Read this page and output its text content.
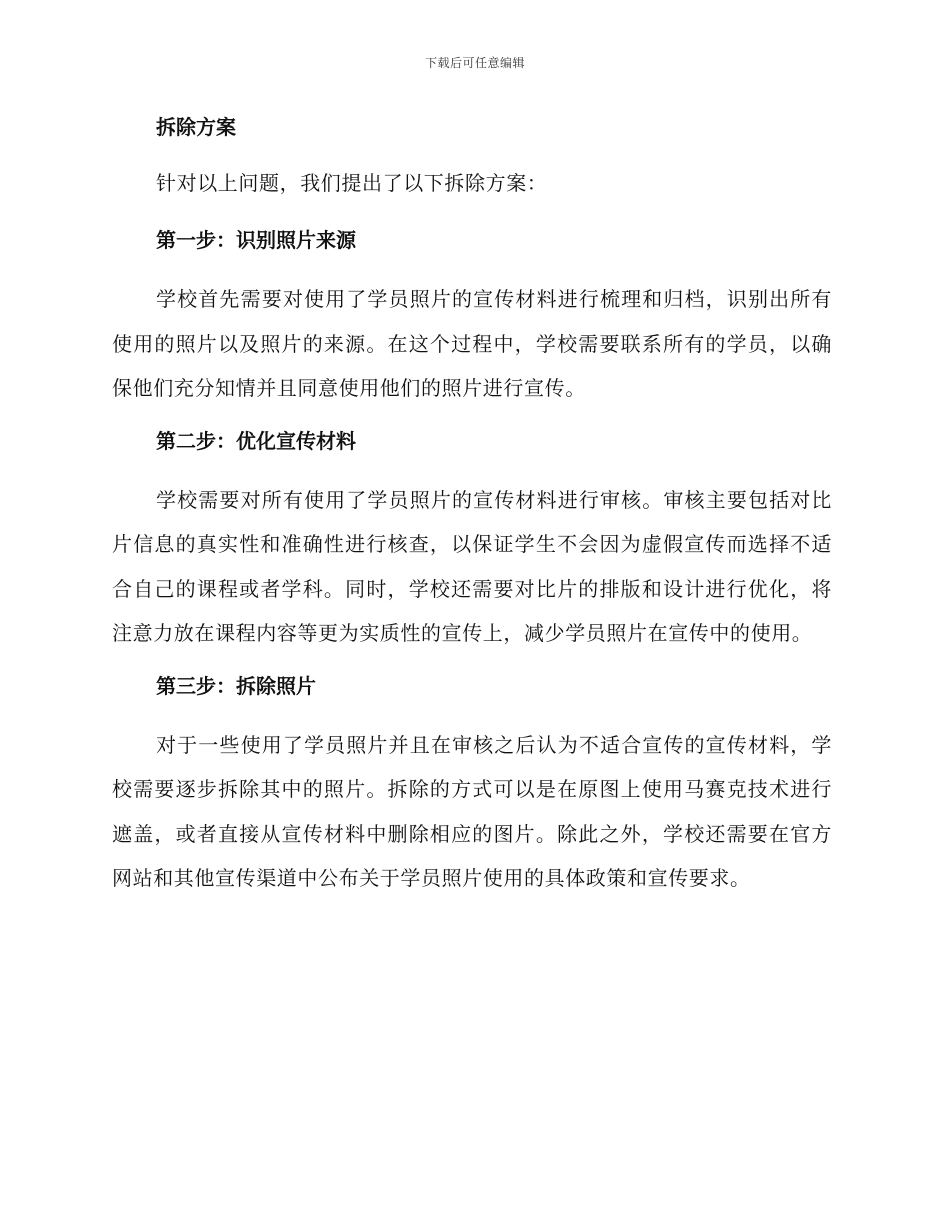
下载后可任意编辑
拆除方案
针对以上问题，我们提出了以下拆除方案：
第一步：识别照片来源
学校首先需要对使用了学员照片的宣传材料进行梳理和归档，识别出所有使用的照片以及照片的来源。在这个过程中，学校需要联系所有的学员，以确保他们充分知情并且同意使用他们的照片进行宣传。
第二步：优化宣传材料
学校需要对所有使用了学员照片的宣传材料进行审核。审核主要包括对比片信息的真实性和准确性进行核查，以保证学生不会因为虚假宣传而选择不适合自己的课程或者学科。同时，学校还需要对比片的排版和设计进行优化，将注意力放在课程内容等更为实质性的宣传上，减少学员照片在宣传中的使用。
第三步：拆除照片
对于一些使用了学员照片并且在审核之后认为不适合宣传的宣传材料，学校需要逐步拆除其中的照片。拆除的方式可以是在原图上使用马赛克技术进行遮盖，或者直接从宣传材料中删除相应的图片。除此之外，学校还需要在官方网站和其他宣传渠道中公布关于学员照片使用的具体政策和宣传要求。
